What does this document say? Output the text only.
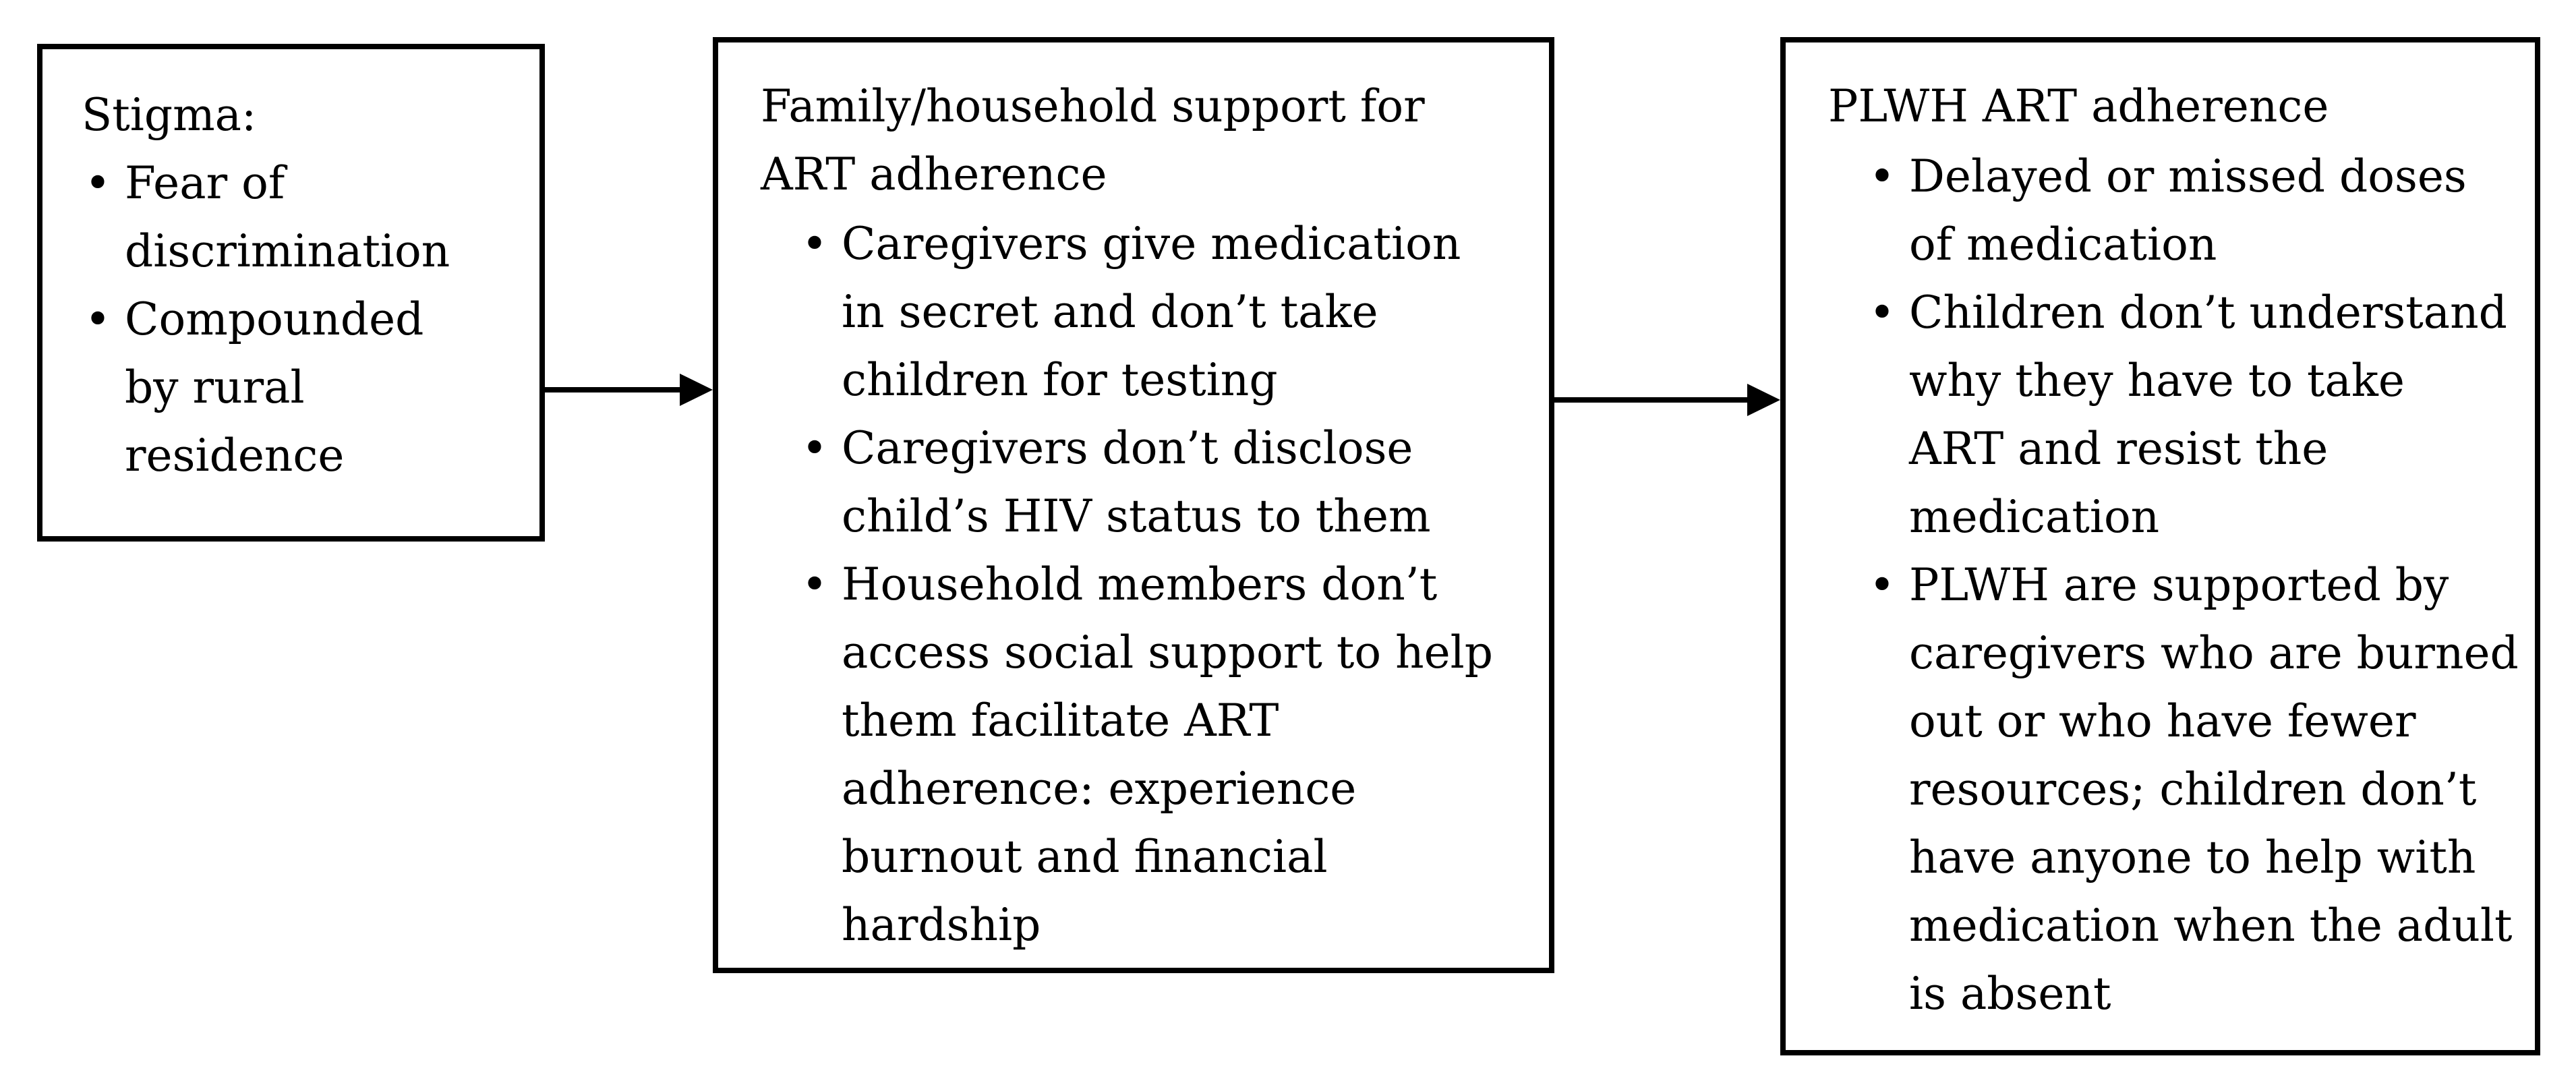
Stigma:

• Fear of
discrimination
• Compounded
by rural
residence

Family/household support for
ART adherence

• Caregivers give medication
in secret and don’t take
children for testing
• Caregivers don’t disclose
child’s HIV status to them
• Household members don’t
access social support to help
them facilitate ART
adherence: experience
burnout and financial
hardship

PLWH ART adherence

• Delayed or missed doses
of medication
• Children don’t understand
why they have to take
ART and resist the
medication
• PLWH are supported by
caregivers who are burned
out or who have fewer
resources; children don’t
have anyone to help with
medication when the adult
is absent
